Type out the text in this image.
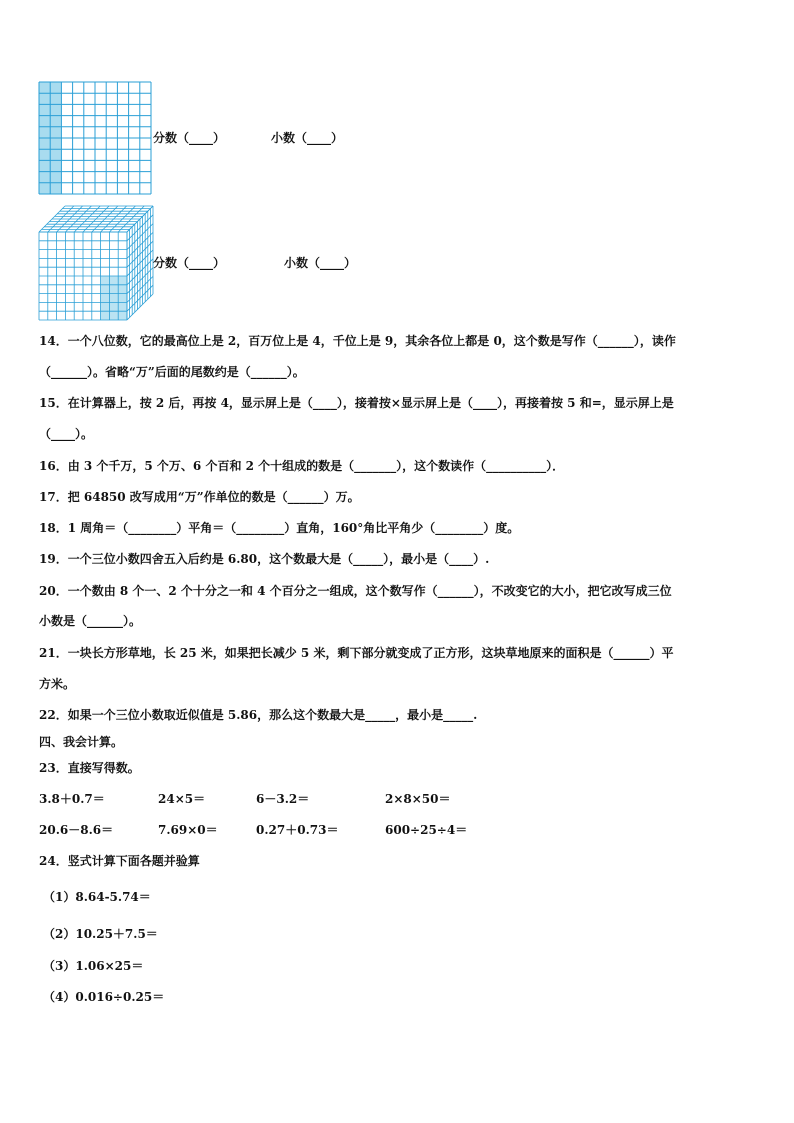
分数（____）	小数（____）
分数（____）	小数（____）
14．一个八位数，它的最高位上是 2，百万位上是 4，千位上是 9，其余各位上都是 0，这个数是写作（______），读作
（______）。省略“万”后面的尾数约是（______）。
15．在计算器上，按 2 后，再按 4，显示屏上是（____），接着按×显示屏上是（____），再接着按 5 和=，显示屏上是
（____）。
16．由 3 个千万，5 个万、6 个百和 2 个十组成的数是（_______），这个数读作（__________）．
17．把 64850 改写成用“万”作单位的数是（______）万。
18．1 周角＝（________）平角＝（________）直角，160°角比平角少（________）度。
19．一个三位小数四舍五入后约是 6.80，这个数最大是（_____），最小是（____）.
20．一个数由 8 个一、2 个十分之一和 4 个百分之一组成，这个数写作（______），不改变它的大小，把它改写成三位
小数是（______）。
21．一块长方形草地，长 25 米，如果把长减少 5 米，剩下部分就变成了正方形，这块草地原来的面积是（______）平
方米。
22．如果一个三位小数取近似值是 5.86，那么这个数最大是_____，最小是_____.
四、我会计算。
23．直接写得数。
3.8＋0.7＝	24×5＝	6－3.2＝	2×8×50＝
20.6－8.6＝	7.69×0＝	0.27＋0.73＝	600÷25÷4＝
24．竖式计算下面各题并验算
（1）8.64-5.74＝
（2）10.25＋7.5＝
（3）1.06×25＝
（4）0.016÷0.25＝
